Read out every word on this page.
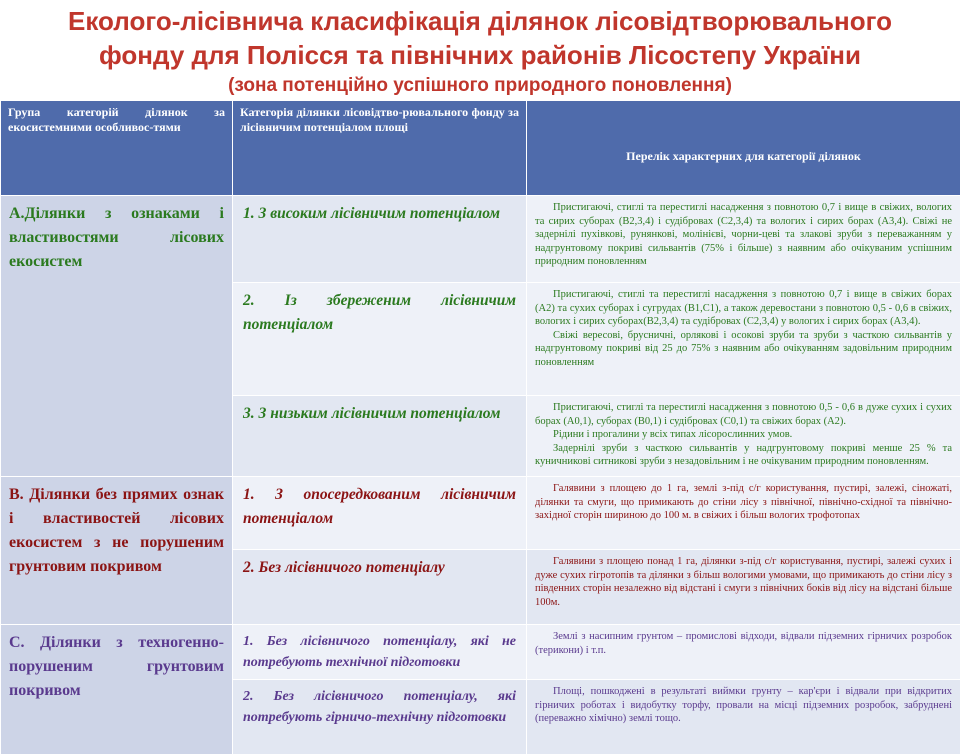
Еколого-лісівнича класифікація ділянок лісовідтворювального
фонду для Полісся та північних районів Лісостепу України
(зона потенційно успішного природного поновлення)
Група категорій ділянок за екосистемними особливос-тями	Категорія ділянки лісовідтво-рювального фонду за лісівничим потенціалом площі	Перелік характерних для категорії ділянок
А.Ділянки з ознаками і властивостями лісових екосистем	1. З високим лісівничим потенціалом	Пристигаючі, стиглі та перестиглі насадження з повнотою 0,7 і вище в свіжих, вологих та сирих суборах (В2,3,4) і судібровах (С2,3,4) та вологих і сирих борах (А3,4). Свіжі не задернілі пухівкові, рунянкові, молінієві, чорни-цеві та злакові зруби з переважанням у надгрунтовому покриві сильвантів (75% і більше) з наявним або очікуваним успішним природним поновленням

	2. Із збереженим лісівничим потенціалом	Пристигаючі, стиглі та перестиглі насадження з повнотою 0,7 і вище в свіжих борах (А2) та сухих суборах і сугрудах (В1,С1), а також деревостани з повнотою 0,5 - 0,6 в свіжих, вологих і сирих суборах(В2,3,4) та судібровах (С2,3,4) у вологих і сирих борах (А3,4).

Свіжі вересові, брусничні, орлякові і осокові зруби та зруби з часткою сильвантів у надгрунтовому покриві від 25 до 75% з наявним або очікуванням задовільним природним поновленням

	3. З низьким лісівничим потенціалом	Пристигаючі, стиглі та перестиглі насадження з повнотою 0,5 - 0,6 в дуже сухих і сухих борах (А0,1), суборах (В0,1) і судібровах (С0,1) та свіжих борах (А2).

Рідини і прогалини у всіх типах лісорослинних умов.

Задернілі зруби з часткою сильвантів у надгрунтовому покриві менше 25 % та куничникові ситникові зруби з незадовільним і не очікуваним природним поновленням.

В. Ділянки без прямих ознак і властивостей лісових екосистем з не порушеним грунтовим покривом	1. З опосередкованим лісівничим потенціалом	Галявини з площею до 1 га, землі з-під с/г користування, пустирі, залежі, сіножаті, ділянки та смуги, що примикають до стіни лісу з північної, північно-східної та північно-західної сторін шириною до 100 м. в свіжих і більш вологих трофотопах

	2. Без лісівничого потенціалу	Галявини з площею понад 1 га, ділянки з-під с/г користування, пустирі, залежі сухих і дуже сухих гігротопів та ділянки з більш вологими умовами, що примикають до стіни лісу з південних сторін незалежно від відстані і смуги з північних боків від лісу на відстані більше 100м.

С. Ділянки з техногенно-порушеним грунтовим покривом	1. Без лісівничого потенціалу, які не потребують технічної підготовки	Землі з насипним грунтом – промислові відходи, відвали підземних гірничих розробок (терикони) і т.п.

	2. Без лісівничого потенціалу, які потребують гірничо-технічну підготовки	Площі, пошкоджені в результаті виймки грунту – кар'єри і відвали при відкритих гірничих роботах і видобутку торфу, провали на місці підземних розробок, забруднені (переважно хімічно) землі тощо.
